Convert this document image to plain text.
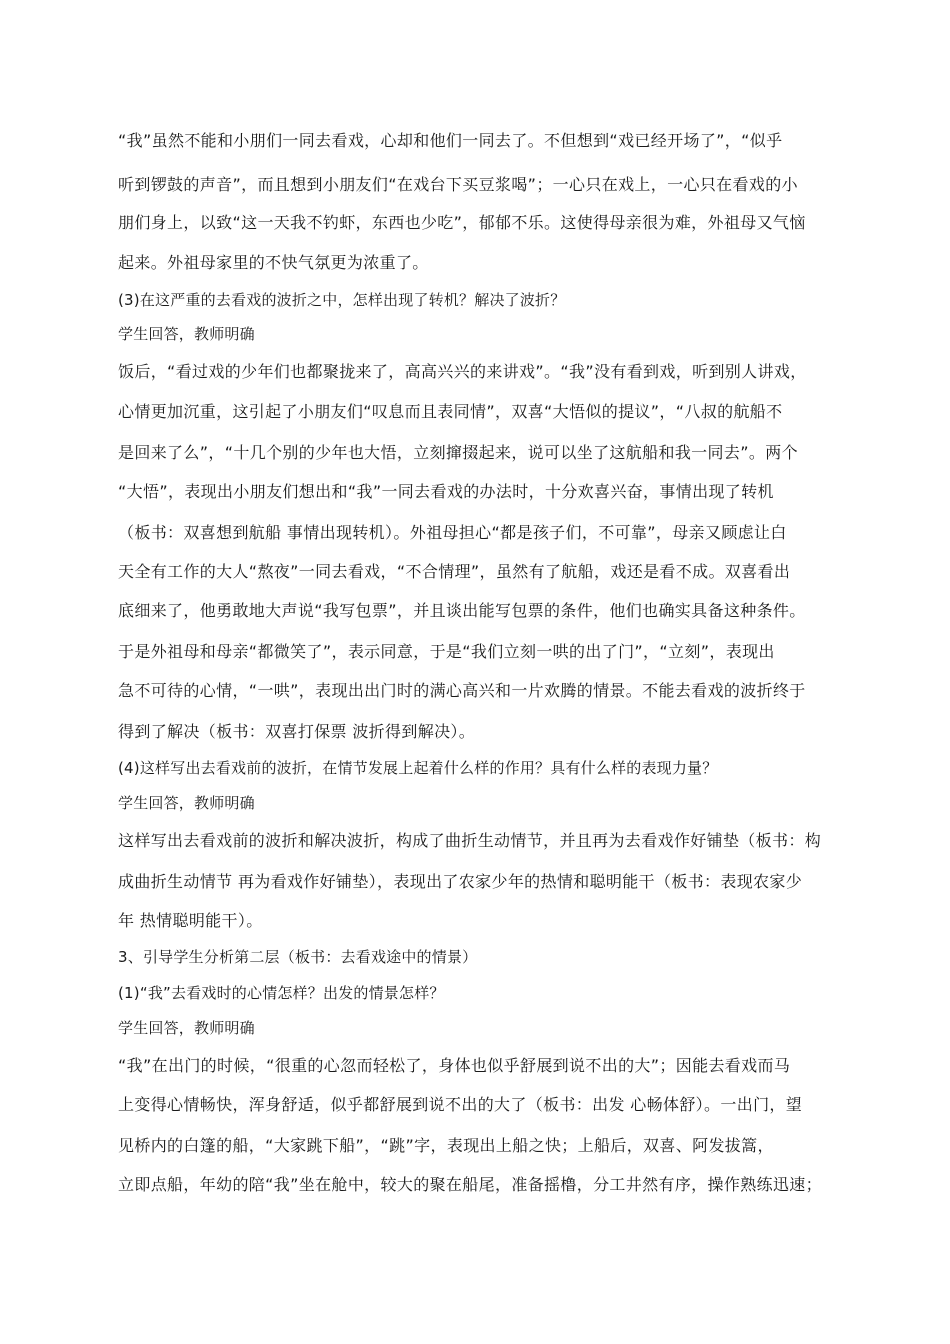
“我”虽然不能和小朋们一同去看戏，心却和他们一同去了。不但想到“戏已经开场了”，“似乎
听到锣鼓的声音”，而且想到小朋友们“在戏台下买豆浆喝”；一心只在戏上，一心只在看戏的小
朋们身上，以致“这一天我不钓虾，东西也少吃”，郁郁不乐。这使得母亲很为难，外祖母又气恼
起来。外祖母家里的不快气氛更为浓重了。
(3)在这严重的去看戏的波折之中，怎样出现了转机？解决了波折？
学生回答，教师明确
饭后，“看过戏的少年们也都聚拢来了，高高兴兴的来讲戏”。“我”没有看到戏，听到别人讲戏，
心情更加沉重，这引起了小朋友们“叹息而且表同情”，双喜“大悟似的提议”，“八叔的航船不
是回来了么”，“十几个别的少年也大悟，立刻撺掇起来，说可以坐了这航船和我一同去”。两个
“大悟”，表现出小朋友们想出和“我”一同去看戏的办法时，十分欢喜兴奋，事情出现了转机
（板书：双喜想到航船 事情出现转机）。外祖母担心“都是孩子们，不可靠”，母亲又顾虑让白
天全有工作的大人“熬夜”一同去看戏，“不合情理”，虽然有了航船，戏还是看不成。双喜看出
底细来了，他勇敢地大声说“我写包票”，并且谈出能写包票的条件，他们也确实具备这种条件。
于是外祖母和母亲“都微笑了”，表示同意，于是“我们立刻一哄的出了门”，“立刻”，表现出
急不可待的心情，“一哄”，表现出出门时的满心高兴和一片欢腾的情景。不能去看戏的波折终于
得到了解决（板书：双喜打保票 波折得到解决）。
(4)这样写出去看戏前的波折，在情节发展上起着什么样的作用？具有什么样的表现力量？
学生回答，教师明确
这样写出去看戏前的波折和解决波折，构成了曲折生动情节，并且再为去看戏作好铺垫（板书：构
成曲折生动情节 再为看戏作好铺垫），表现出了农家少年的热情和聪明能干（板书：表现农家少
年 热情聪明能干）。
3、引导学生分析第二层（板书：去看戏途中的情景）
(1)“我”去看戏时的心情怎样？出发的情景怎样？
学生回答，教师明确
“我”在出门的时候，“很重的心忽而轻松了，身体也似乎舒展到说不出的大”；因能去看戏而马
上变得心情畅快，浑身舒适，似乎都舒展到说不出的大了（板书：出发 心畅体舒）。一出门，望
见桥内的白篷的船，“大家跳下船”，“跳”字，表现出上船之快；上船后，双喜、阿发拔篙，
立即点船，年幼的陪“我”坐在舱中，较大的聚在船尾，准备摇橹，分工井然有序，操作熟练迅速；
